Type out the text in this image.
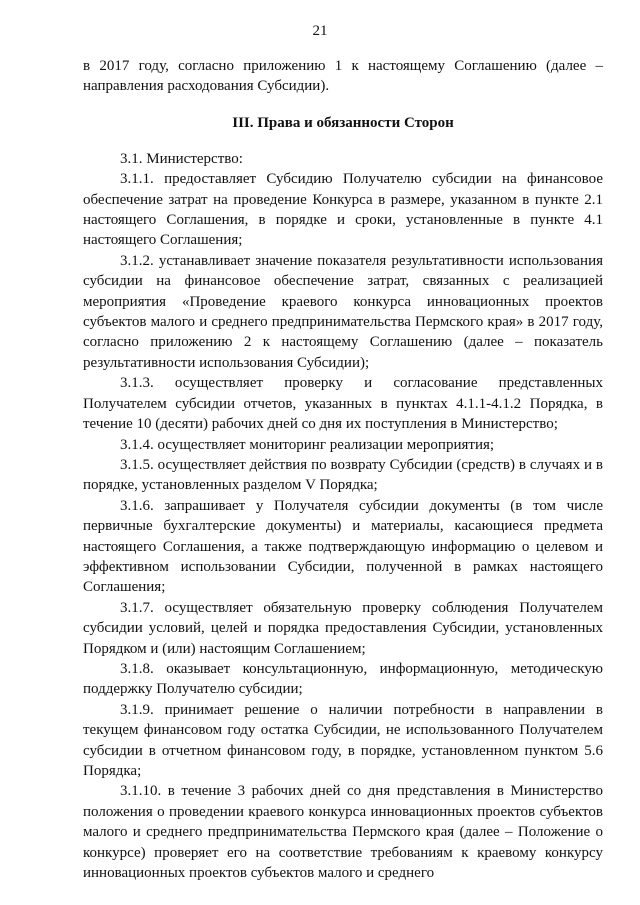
21

в 2017 году, согласно приложению 1 к настоящему Соглашению (далее – направления расходования Субсидии).

III. Права и обязанности Сторон

3.1. Министерство:

3.1.1. предоставляет Субсидию Получателю субсидии на финансовое обеспечение затрат на проведение Конкурса в размере, указанном в пункте 2.1 настоящего Соглашения, в порядке и сроки, установленные в пункте 4.1 настоящего Соглашения;

3.1.2. устанавливает значение показателя результативности использования субсидии на финансовое обеспечение затрат, связанных с реализацией мероприятия «Проведение краевого конкурса инновационных проектов субъектов малого и среднего предпринимательства Пермского края» в 2017 году, согласно приложению 2 к настоящему Соглашению (далее – показатель результативности использования Субсидии);

3.1.3. осуществляет проверку и согласование представленных Получателем субсидии отчетов, указанных в пунктах 4.1.1-4.1.2 Порядка, в течение 10 (десяти) рабочих дней со дня их поступления в Министерство;

3.1.4. осуществляет мониторинг реализации мероприятия;

3.1.5. осуществляет действия по возврату Субсидии (средств) в случаях и в порядке, установленных разделом V Порядка;

3.1.6. запрашивает у Получателя субсидии документы (в том числе первичные бухгалтерские документы) и материалы, касающиеся предмета настоящего Соглашения, а также подтверждающую информацию о целевом и эффективном использовании Субсидии, полученной в рамках настоящего Соглашения;

3.1.7. осуществляет обязательную проверку соблюдения Получателем субсидии условий, целей и порядка предоставления Субсидии, установленных Порядком и (или) настоящим Соглашением;

3.1.8. оказывает консультационную, информационную, методическую поддержку Получателю субсидии;

3.1.9. принимает решение о наличии потребности в направлении в текущем финансовом году остатка Субсидии, не использованного Получателем субсидии в отчетном финансовом году, в порядке, установленном пунктом 5.6 Порядка;

3.1.10. в течение 3 рабочих дней со дня представления в Министерство положения о проведении краевого конкурса инновационных проектов субъектов малого и среднего предпринимательства Пермского края (далее – Положение о конкурсе) проверяет его на соответствие требованиям к краевому конкурсу инновационных проектов субъектов малого и среднего
